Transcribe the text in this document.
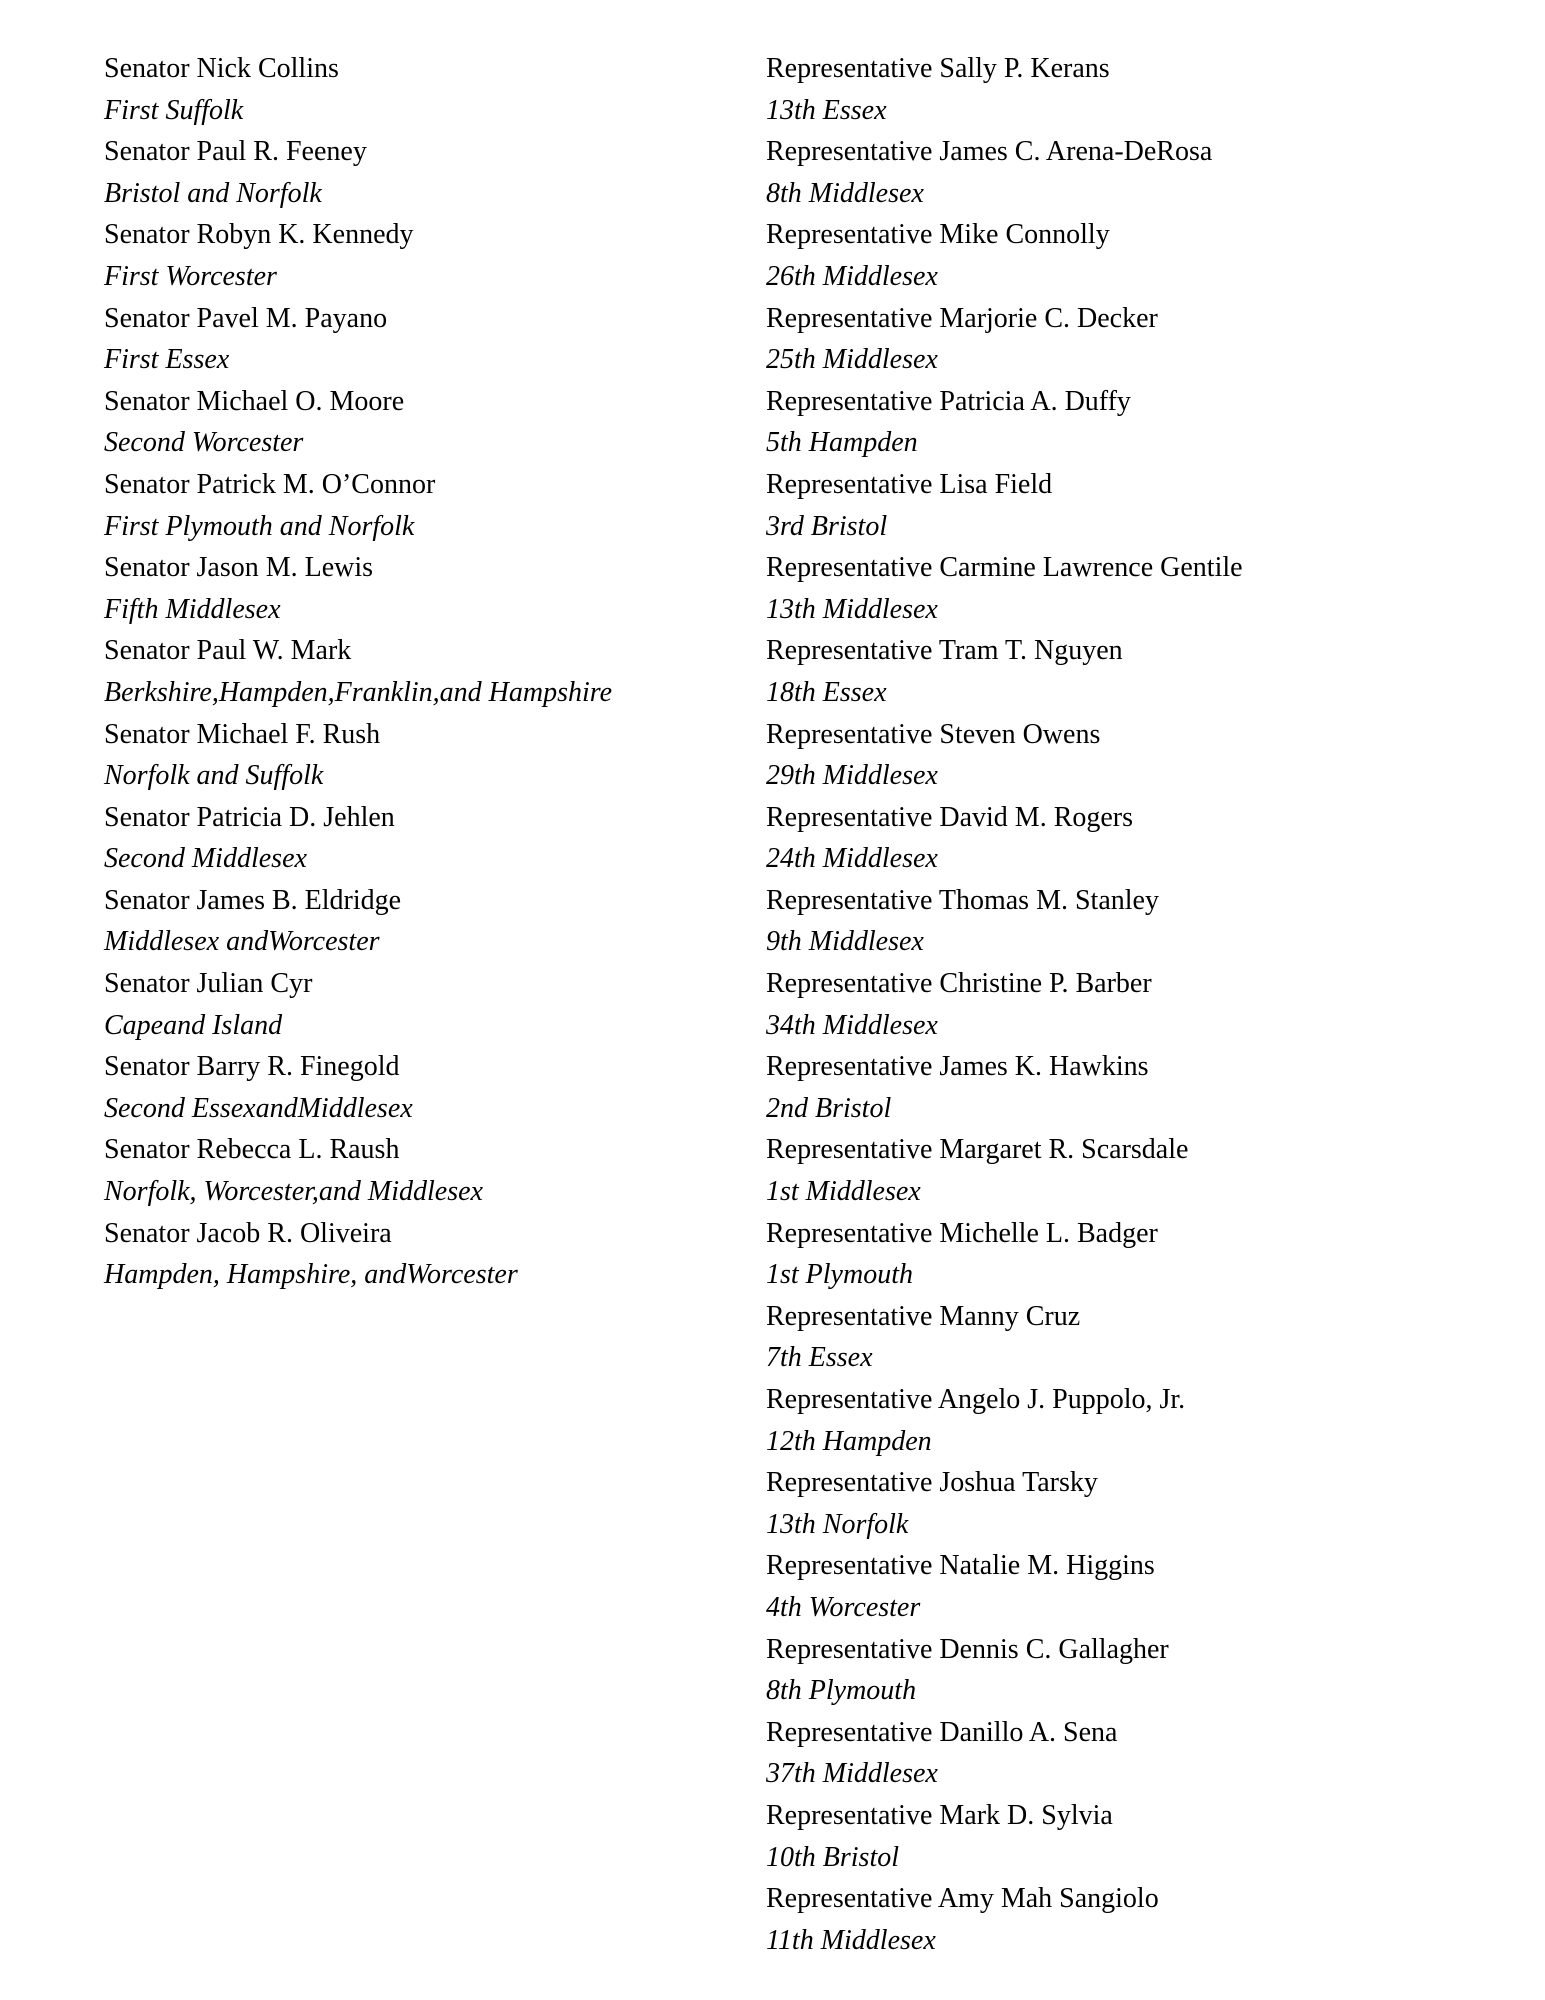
Senator Nick Collins
First Suffolk
Senator Paul R. Feeney
Bristol and Norfolk
Senator Robyn K. Kennedy
First Worcester
Senator Pavel M. Payano
First Essex
Senator Michael O. Moore
Second Worcester
Senator Patrick M. O’Connor
First Plymouth and Norfolk
Senator Jason M. Lewis
Fifth Middlesex
Senator Paul W. Mark
Berkshire,Hampden,Franklin,and Hampshire
Senator Michael F. Rush
Norfolk and Suffolk
Senator Patricia D. Jehlen
Second Middlesex
Senator James B. Eldridge
Middlesex andWorcester
Senator Julian Cyr
Capeand Island
Senator Barry R. Finegold
Second EssexandMiddlesex
Senator Rebecca L. Raush
Norfolk, Worcester,and Middlesex
Senator Jacob R. Oliveira
Hampden, Hampshire, andWorcester
Representative Sally P. Kerans
13th Essex
Representative James C. Arena-DeRosa
8th Middlesex
Representative Mike Connolly
26th Middlesex
Representative Marjorie C. Decker
25th Middlesex
Representative Patricia A. Duffy
5th Hampden
Representative Lisa Field
3rd Bristol
Representative Carmine Lawrence Gentile
13th Middlesex
Representative Tram T. Nguyen
18th Essex
Representative Steven Owens
29th Middlesex
Representative David M. Rogers
24th Middlesex
Representative Thomas M. Stanley
9th Middlesex
Representative Christine P. Barber
34th Middlesex
Representative James K. Hawkins
2nd Bristol
Representative Margaret R. Scarsdale
1st Middlesex
Representative Michelle L. Badger
1st Plymouth
Representative Manny Cruz
7th Essex
Representative Angelo J. Puppolo, Jr.
12th Hampden
Representative Joshua Tarsky
13th Norfolk
Representative Natalie M. Higgins
4th Worcester
Representative Dennis C. Gallagher
8th Plymouth
Representative Danillo A. Sena
37th Middlesex
Representative Mark D. Sylvia
10th Bristol
Representative Amy Mah Sangiolo
11th Middlesex
